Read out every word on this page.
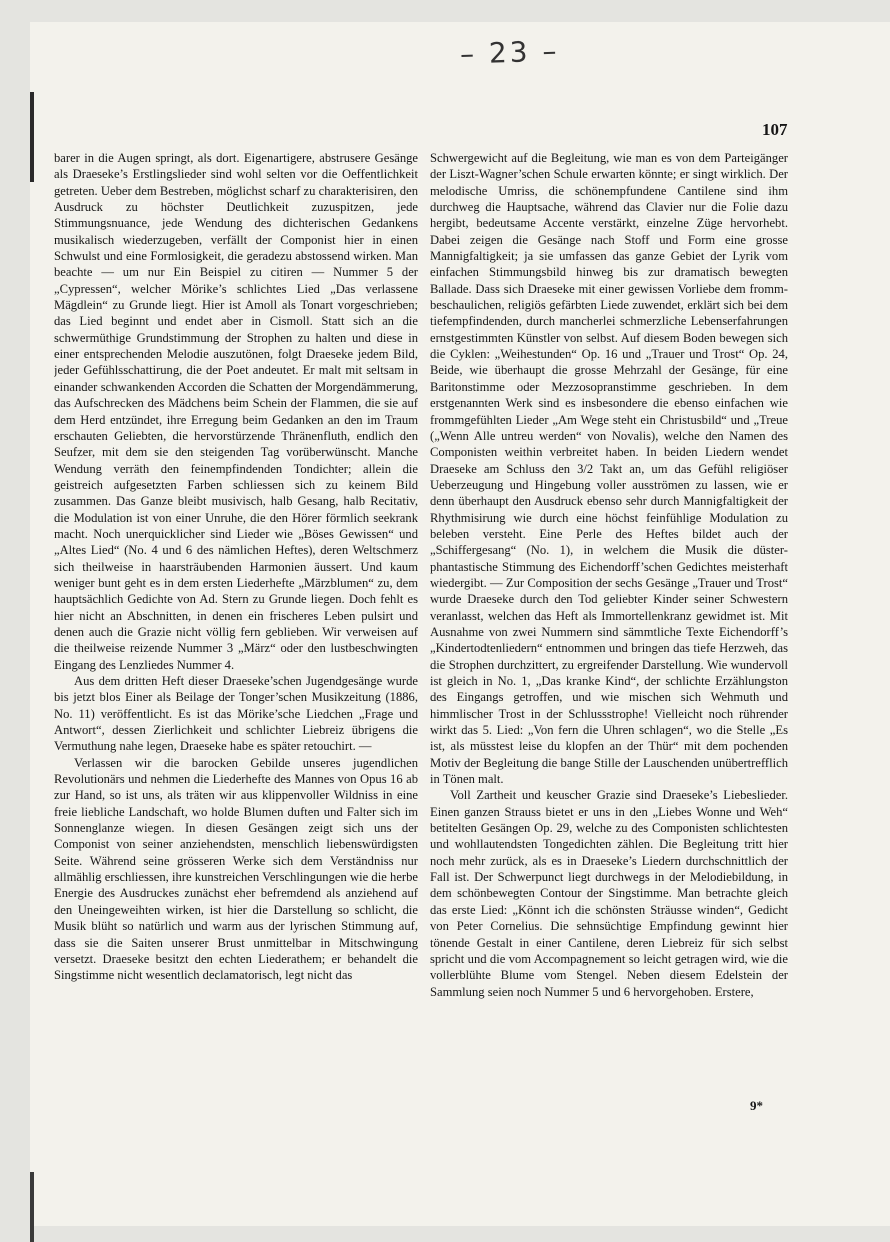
– 23 –
107

barer in die Augen springt, als dort. Eigenartigere, abstrusere Gesänge als Draeseke’s Erstlingslieder sind wohl selten vor die Oeffentlichkeit getreten. Ueber dem Bestreben, möglichst scharf zu charakterisiren, den Ausdruck zu höchster Deutlichkeit zuzuspitzen, jede Stimmungsnuance, jede Wendung des dichterischen Gedankens musikalisch wiederzugeben, verfällt der Componist hier in einen Schwulst und eine Formlosigkeit, die geradezu abstossend wirken. Man beachte — um nur Ein Beispiel zu citiren — Nummer 5 der „Cypressen“, welcher Mörike’s schlichtes Lied „Das verlassene Mägdlein“ zu Grunde liegt. Hier ist Amoll als Tonart vorgeschrieben; das Lied beginnt und endet aber in Cismoll. Statt sich an die schwermüthige Grundstimmung der Strophen zu halten und diese in einer entsprechenden Melodie auszutönen, folgt Draeseke jedem Bild, jeder Gefühlsschattirung, die der Poet andeutet. Er malt mit seltsam in einander schwankenden Accorden die Schatten der Morgendämmerung, das Aufschrecken des Mädchens beim Schein der Flammen, die sie auf dem Herd entzündet, ihre Erregung beim Gedanken an den im Traum erschauten Geliebten, die hervorstürzende Thränenfluth, endlich den Seufzer, mit dem sie den steigenden Tag vorüberwünscht. Manche Wendung verräth den feinempfindenden Tondichter; allein die geistreich aufgesetzten Farben schliessen sich zu keinem Bild zusammen. Das Ganze bleibt musivisch, halb Gesang, halb Recitativ, die Modulation ist von einer Unruhe, die den Hörer förmlich seekrank macht. Noch unerquicklicher sind Lieder wie „Böses Gewissen“ und „Altes Lied“ (No. 4 und 6 des nämlichen Heftes), deren Weltschmerz sich theilweise in haarsträubenden Harmonien äussert. Und kaum weniger bunt geht es in dem ersten Liederhefte „Märzblumen“ zu, dem hauptsächlich Gedichte von Ad. Stern zu Grunde liegen. Doch fehlt es hier nicht an Abschnitten, in denen ein frischeres Leben pulsirt und denen auch die Grazie nicht völlig fern geblieben. Wir verweisen auf die theilweise reizende Nummer 3 „März“ oder den lustbeschwingten Eingang des Lenzliedes Nummer 4.

Aus dem dritten Heft dieser Draeseke’schen Jugendgesänge wurde bis jetzt blos Einer als Beilage der Tonger’schen Musikzeitung (1886, No. 11) veröffentlicht. Es ist das Mörike’sche Liedchen „Frage und Antwort“, dessen Zierlichkeit und schlichter Liebreiz übrigens die Vermuthung nahe legen, Draeseke habe es später retouchirt. —

Verlassen wir die barocken Gebilde unseres jugendlichen Revolutionärs und nehmen die Liederhefte des Mannes von Opus 16 ab zur Hand, so ist uns, als träten wir aus klippenvoller Wildniss in eine freie liebliche Landschaft, wo holde Blumen duften und Falter sich im Sonnenglanze wiegen. In diesen Gesängen zeigt sich uns der Componist von seiner anziehendsten, menschlich liebenswürdigsten Seite. Während seine grösseren Werke sich dem Verständniss nur allmählig erschliessen, ihre kunstreichen Verschlingungen wie die herbe Energie des Ausdruckes zunächst eher befremdend als anziehend auf den Uneingeweihten wirken, ist hier die Darstellung so schlicht, die Musik blüht so natürlich und warm aus der lyrischen Stimmung auf, dass sie die Saiten unserer Brust unmittelbar in Mitschwingung versetzt. Draeseke besitzt den echten Liederathem; er behandelt die Singstimme nicht wesentlich declamatorisch, legt nicht das

Schwergewicht auf die Begleitung, wie man es von dem Parteigänger der Liszt-Wagner’schen Schule erwarten könnte; er singt wirklich. Der melodische Umriss, die schönempfundene Cantilene sind ihm durchweg die Hauptsache, während das Clavier nur die Folie dazu hergibt, bedeutsame Accente verstärkt, einzelne Züge hervorhebt. Dabei zeigen die Gesänge nach Stoff und Form eine grosse Mannigfaltigkeit; ja sie umfassen das ganze Gebiet der Lyrik vom einfachen Stimmungsbild hinweg bis zur dramatisch bewegten Ballade. Dass sich Draeseke mit einer gewissen Vorliebe dem fromm-beschaulichen, religiös gefärbten Liede zuwendet, erklärt sich bei dem tiefempfindenden, durch mancherlei schmerzliche Lebenserfahrungen ernstgestimmten Künstler von selbst. Auf diesem Boden bewegen sich die Cyklen: „Weihestunden“ Op. 16 und „Trauer und Trost“ Op. 24, Beide, wie überhaupt die grosse Mehrzahl der Gesänge, für eine Baritonstimme oder Mezzosopranstimme geschrieben. In dem erstgenannten Werk sind es insbesondere die ebenso einfachen wie frommgefühlten Lieder „Am Wege steht ein Christusbild“ und „Treue („Wenn Alle untreu werden“ von Novalis), welche den Namen des Componisten weithin verbreitet haben. In beiden Liedern wendet Draeseke am Schluss den 3/2 Takt an, um das Gefühl religiöser Ueberzeugung und Hingebung voller ausströmen zu lassen, wie er denn überhaupt den Ausdruck ebenso sehr durch Mannigfaltigkeit der Rhythmisirung wie durch eine höchst feinfühlige Modulation zu beleben versteht. Eine Perle des Heftes bildet auch der „Schiffergesang“ (No. 1), in welchem die Musik die düster-phantastische Stimmung des Eichendorff’schen Gedichtes meisterhaft wiedergibt. — Zur Composition der sechs Gesänge „Trauer und Trost“ wurde Draeseke durch den Tod geliebter Kinder seiner Schwestern veranlasst, welchen das Heft als Immortellenkranz gewidmet ist. Mit Ausnahme von zwei Nummern sind sämmtliche Texte Eichendorff’s „Kindertodtenliedern“ entnommen und bringen das tiefe Herzweh, das die Strophen durchzittert, zu ergreifender Darstellung. Wie wundervoll ist gleich in No. 1, „Das kranke Kind“, der schlichte Erzählungston des Eingangs getroffen, und wie mischen sich Wehmuth und himmlischer Trost in der Schlussstrophe! Vielleicht noch rührender wirkt das 5. Lied: „Von fern die Uhren schlagen“, wo die Stelle „Es ist, als müsstest leise du klopfen an der Thür“ mit dem pochenden Motiv der Begleitung die bange Stille der Lauschenden unübertrefflich in Tönen malt.

Voll Zartheit und keuscher Grazie sind Draeseke’s Liebeslieder. Einen ganzen Strauss bietet er uns in den „Liebes Wonne und Weh“ betitelten Gesängen Op. 29, welche zu des Componisten schlichtesten und wohllautendsten Tongedichten zählen. Die Begleitung tritt hier noch mehr zurück, als es in Draeseke’s Liedern durchschnittlich der Fall ist. Der Schwerpunct liegt durchwegs in der Melodiebildung, in dem schönbewegten Contour der Singstimme. Man betrachte gleich das erste Lied: „Könnt ich die schönsten Sträusse winden“, Gedicht von Peter Cornelius. Die sehnsüchtige Empfindung gewinnt hier tönende Gestalt in einer Cantilene, deren Liebreiz für sich selbst spricht und die vom Accompagnement so leicht getragen wird, wie die vollerblühte Blume vom Stengel. Neben diesem Edelstein der Sammlung seien noch Nummer 5 und 6 hervorgehoben. Erstere,

9*
